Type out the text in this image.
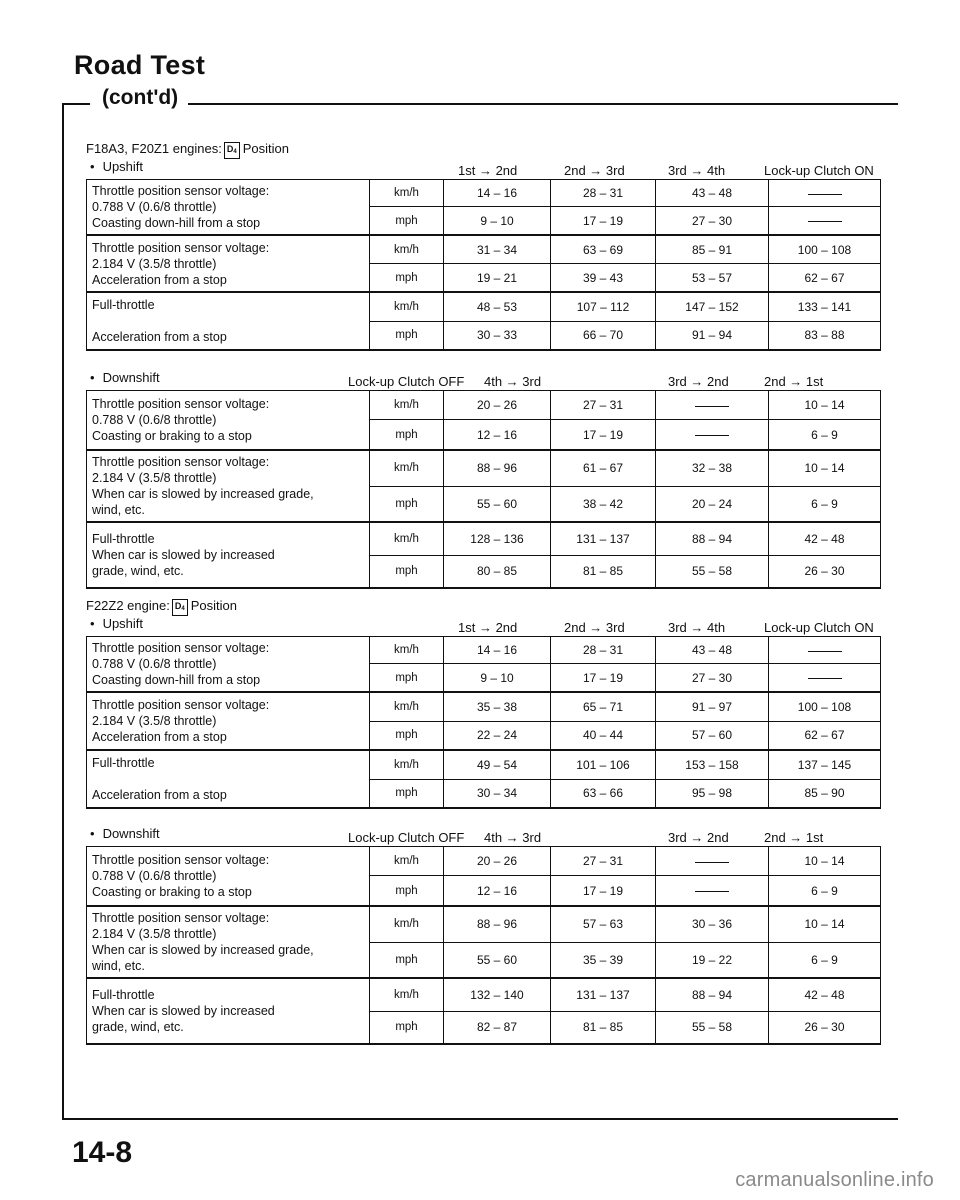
Road Test
(cont'd)
14-8
carmanualsonline.info
F18A3, F20Z1 engines: $D_4$ Position
• Upshift	1st → 2nd	2nd → 3rd	3rd → 4th	Lock-up Clutch ON
Throttle position sensor voltage:
0.788 V (0.6/8 throttle)
Coasting down-hill from a stop	km/h	14 – 16	28 – 31	43 – 48	
	mph	9 – 10	17 – 19	27 – 30	

Throttle position sensor voltage:
2.184 V (3.5/8 throttle)
Acceleration from a stop	km/h	31 – 34	63 – 69	85 – 91	100 – 108
	mph	19 – 21	39 – 43	53 – 57	62 – 67

Full-throttle

Acceleration from a stop	km/h	48 – 53	107 – 112	147 – 152	133 – 141
	mph	30 – 33	66 – 70	91 – 94	83 – 88
• Downshift	Lock-up Clutch OFF 4th → 3rd	3rd → 2nd	2nd → 1st
Throttle position sensor voltage:
0.788 V (0.6/8 throttle)
Coasting or braking to a stop	km/h	20 – 26	27 – 31		10 – 14
	mph	12 – 16	17 – 19		6 – 9

Throttle position sensor voltage:
2.184 V (3.5/8 throttle)
When car is slowed by increased grade,
wind, etc.	km/h	88 – 96	61 – 67	32 – 38	10 – 14
	mph	55 – 60	38 – 42	20 – 24	6 – 9

Full-throttle
When car is slowed by increased
grade, wind, etc.	km/h	128 – 136	131 – 137	88 – 94	42 – 48
	mph	80 – 85	81 – 85	55 – 58	26 – 30
F22Z2 engine: $D_4$ Position
• Upshift	1st → 2nd	2nd → 3rd	3rd → 4th	Lock-up Clutch ON
Throttle position sensor voltage:
0.788 V (0.6/8 throttle)
Coasting down-hill from a stop	km/h	14 – 16	28 – 31	43 – 48	
	mph	9 – 10	17 – 19	27 – 30	

Throttle position sensor voltage:
2.184 V (3.5/8 throttle)
Acceleration from a stop	km/h	35 – 38	65 – 71	91 – 97	100 – 108
	mph	22 – 24	40 – 44	57 – 60	62 – 67

Full-throttle

Acceleration from a stop	km/h	49 – 54	101 – 106	153 – 158	137 – 145
	mph	30 – 34	63 – 66	95 – 98	85 – 90
• Downshift	Lock-up Clutch OFF 4th → 3rd	3rd → 2nd	2nd → 1st
Throttle position sensor voltage:
0.788 V (0.6/8 throttle)
Coasting or braking to a stop	km/h	20 – 26	27 – 31		10 – 14
	mph	12 – 16	17 – 19		6 – 9

Throttle position sensor voltage:
2.184 V (3.5/8 throttle)
When car is slowed by increased grade,
wind, etc.	km/h	88 – 96	57 – 63	30 – 36	10 – 14
	mph	55 – 60	35 – 39	19 – 22	6 – 9

Full-throttle
When car is slowed by increased
grade, wind, etc.	km/h	132 – 140	131 – 137	88 – 94	42 – 48
	mph	82 – 87	81 – 85	55 – 58	26 – 30
